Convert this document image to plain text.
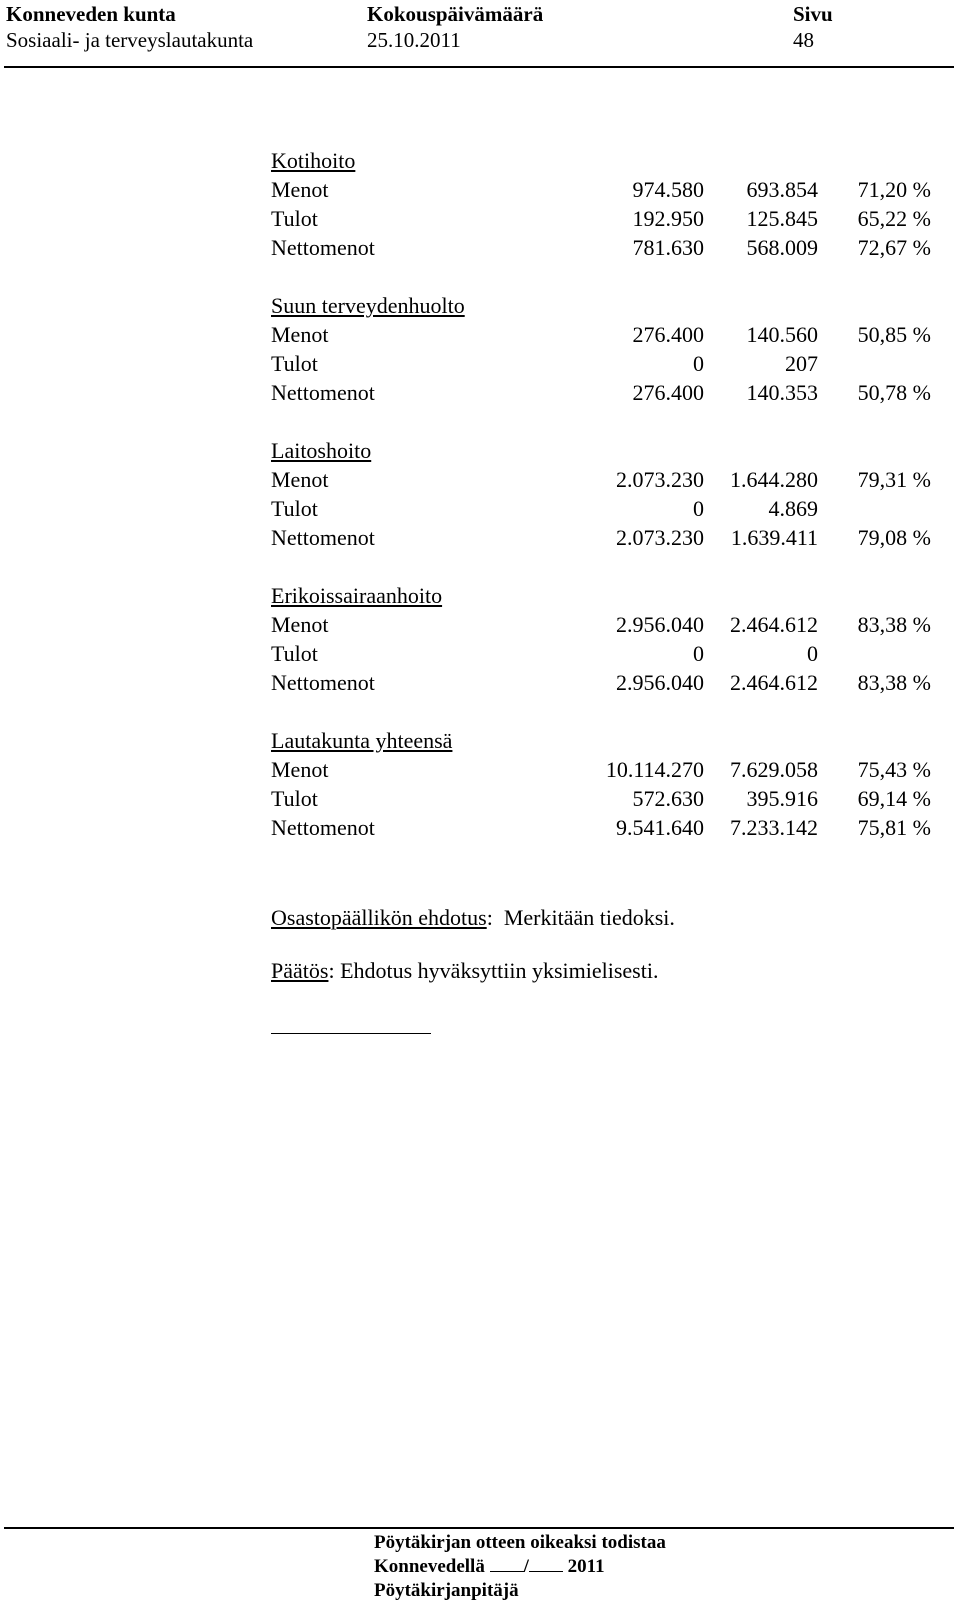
Konneveden kunta
Sosiaali- ja terveyslautakunta
Kokouspäivämäärä
25.10.2011
Sivu
48
Kotihoito
Menot	974.580 693.854 71,20 %
Tulot	192.950 125.845 65,22 %
Nettomenot	781.630 568.009 72,67 %
Suun terveydenhuolto
Menot	276.400 140.560 50,85 %
Tulot	0	207
Nettomenot	276.400 140.353 50,78 %
Laitoshoito
Menot	2.073.230 1.644.280 79,31 %
Tulot	0	4.869
Nettomenot	2.073.230 1.639.411 79,08 %
Erikoissairaanhoito
Menot	2.956.040 2.464.612 83,38 %
Tulot	0	0
Nettomenot	2.956.040 2.464.612 83,38 %
Lautakunta yhteensä
Menot	10.114.270 7.629.058 75,43 %
Tulot	572.630 395.916 69,14 %
Nettomenot	9.541.640 7.233.142 75,81 %
Osastopäällikön ehdotus: Merkitään tiedoksi.
Päätös: Ehdotus hyväksyttiin yksimielisesti.
Pöytäkirjan otteen oikeaksi todistaa
Konnevedellä / 2011
Pöytäkirjanpitäjä
